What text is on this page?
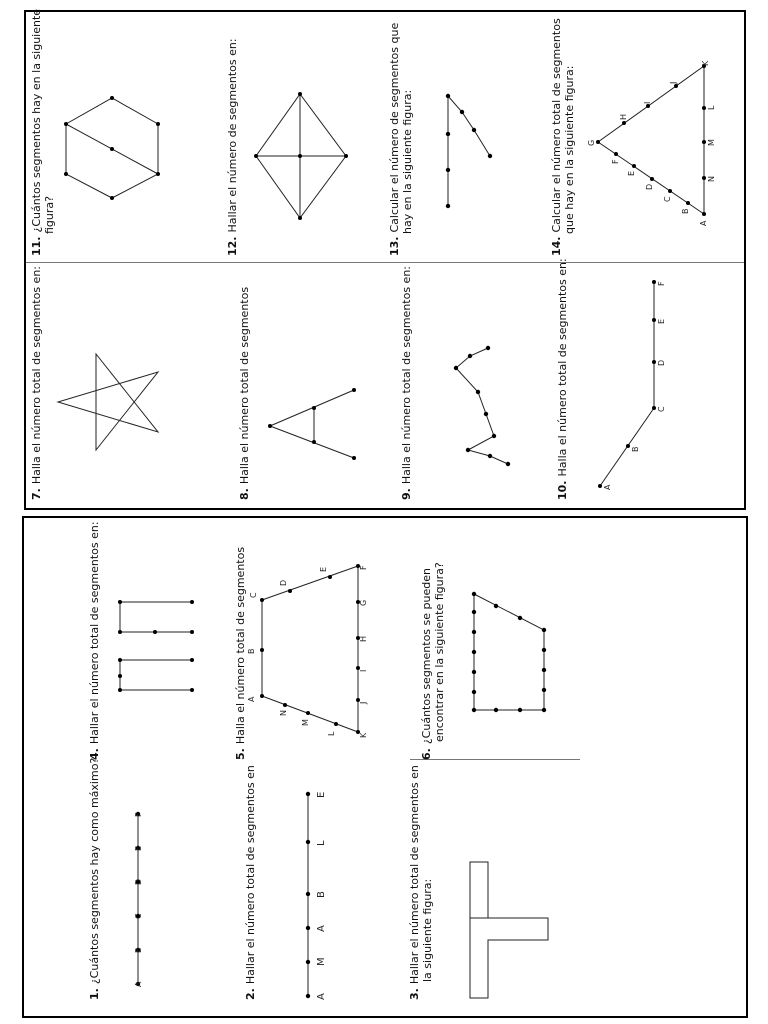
1.¿Cuántos segmentos hay como máximo?
2.Hallar el número total de segmentos en
3.Hallar el número total de segmentos en
la siguiente figura:
4.Hallar el número total de segmentos en:
5.Halla el número total de segmentos
6.¿Cuántos segmentos se pueden
encontrar en la siguiente figura?
7.Halla el número total de segmentos en:
8.Halla el número total de segmentos
9.Halla el número total de segmentos en:
10.Halla el número total de segmentos en:
11.¿Cuántos segmentos hay en la siguiente
figura?
12.Hallar el número de segmentos en:
13.Calcular el número de segmentos que
hay en la siguiente figura:
14.Calcular el número total de segmentos
que hay en la siguiente figura:
A
B
C
D
E
F
A
M
A
B
L
E
A
B
C
D
E	F
G
H
I
J
K
L
M
N
A
B
C
D
E
F
A
B
C
D
E
F
G
H
I
J
K
L
M
N
